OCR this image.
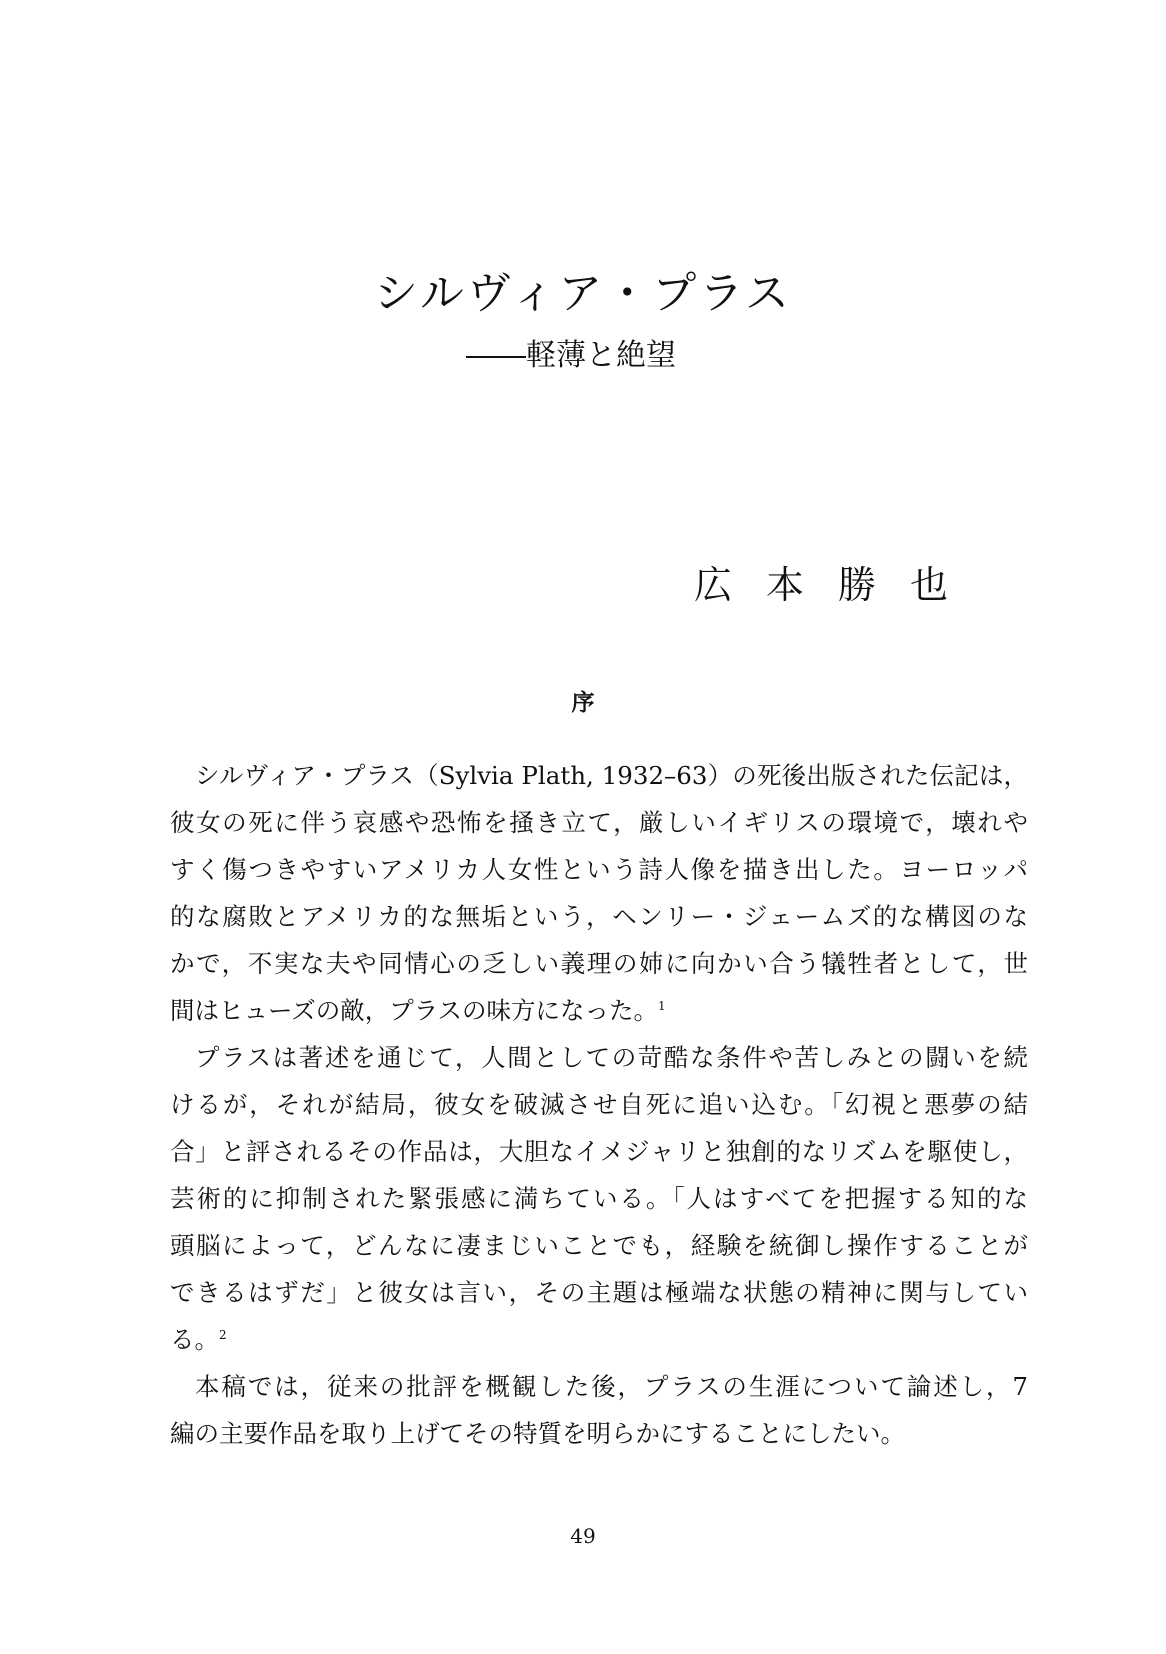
シルヴィア・プラス

――軽薄と絶望

広本勝也

序

シルヴィア・プラス（Sylvia Plath, 1932–63）の死後出版された伝記は，
彼女の死に伴う哀感や恐怖を掻き立て，厳しいイギリスの環境で，壊れや
すく傷つきやすいアメリカ人女性という詩人像を描き出した。ヨーロッパ
的な腐敗とアメリカ的な無垢という，ヘンリー・ジェームズ的な構図のな
かで，不実な夫や同情心の乏しい義理の姉に向かい合う犠牲者として，世
間はヒューズの敵，プラスの味方になった。$^1$

プラスは著述を通じて，人間としての苛酷な条件や苦しみとの闘いを続
けるが，それが結局，彼女を破滅させ自死に追い込む。「幻視と悪夢の結
合」と評されるその作品は，大胆なイメジャリと独創的なリズムを駆使し，
芸術的に抑制された緊張感に満ちている。「人はすべてを把握する知的な
頭脳によって，どんなに凄まじいことでも，経験を統御し操作することが
できるはずだ」と彼女は言い，その主題は極端な状態の精神に関与してい
る。$^2$

本稿では，従来の批評を概観した後，プラスの生涯について論述し，7
編の主要作品を取り上げてその特質を明らかにすることにしたい。

49
